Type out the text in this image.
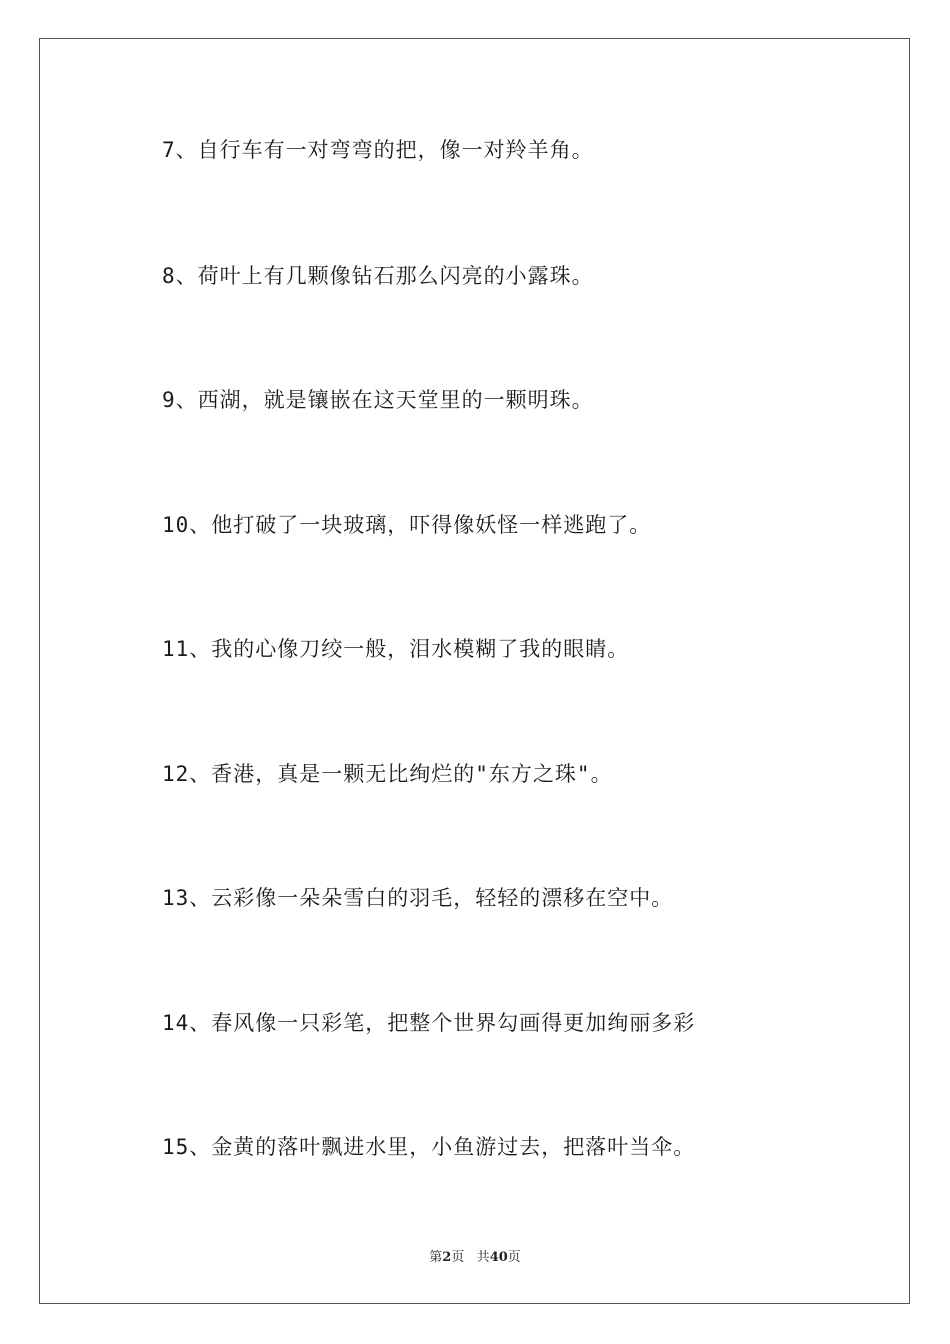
7、自行车有一对弯弯的把，像一对羚羊角。

8、荷叶上有几颗像钻石那么闪亮的小露珠。

9、西湖，就是镶嵌在这天堂里的一颗明珠。

10、他打破了一块玻璃，吓得像妖怪一样逃跑了。

11、我的心像刀绞一般，泪水模糊了我的眼睛。

12、香港，真是一颗无比绚烂的"东方之珠"。

13、云彩像一朵朵雪白的羽毛，轻轻的漂移在空中。

14、春风像一只彩笔，把整个世界勾画得更加绚丽多彩

15、金黄的落叶飘进水里，小鱼游过去，把落叶当伞。

第2页 共40页
